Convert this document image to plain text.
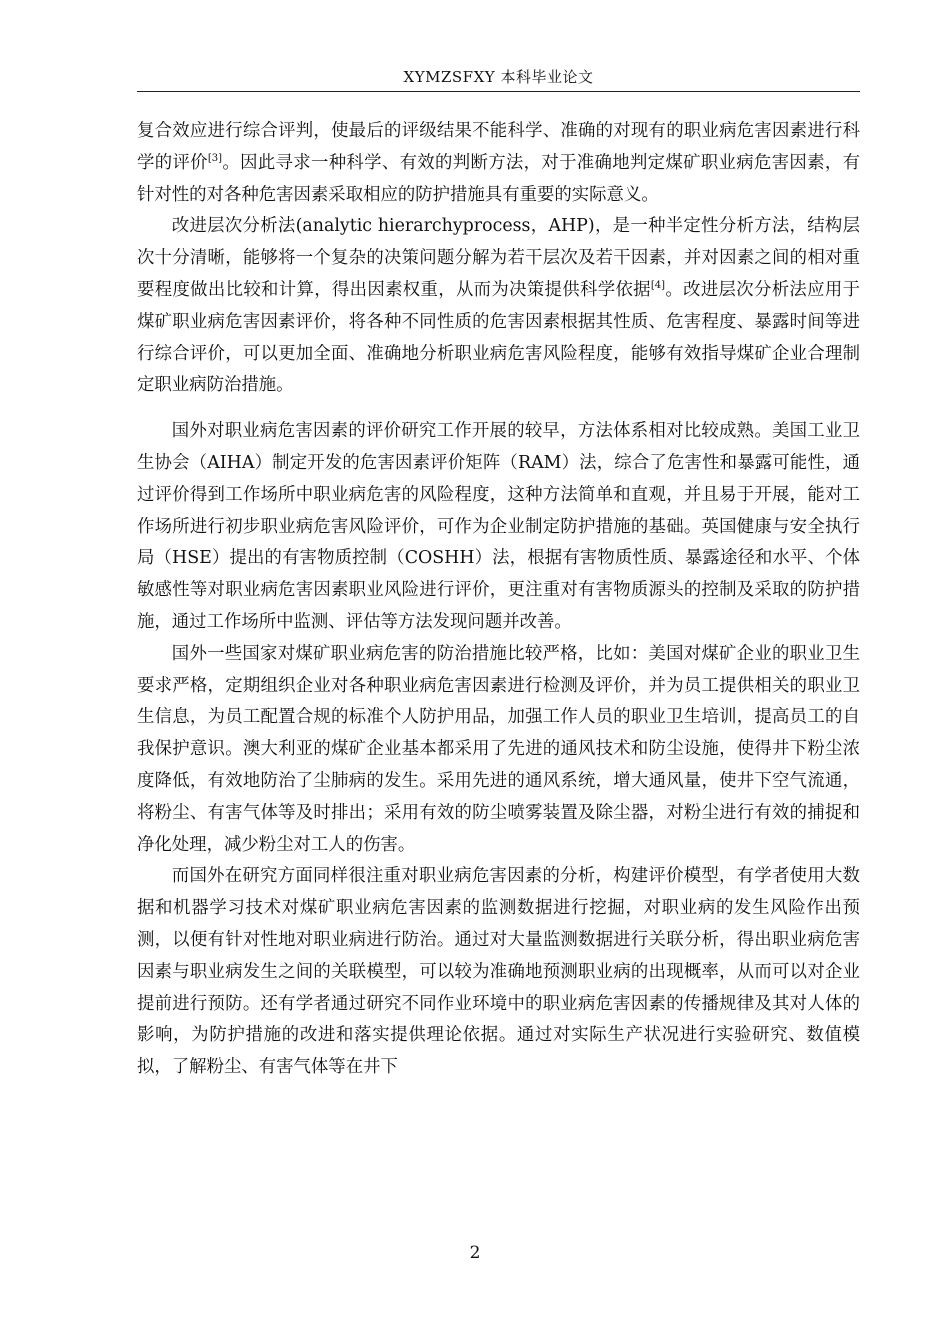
XYMZSFXY 本科毕业论文

复合效应进行综合评判，使最后的评级结果不能科学、准确的对现有的职业病危害因素进行科学的评价[3]。因此寻求一种科学、有效的判断方法，对于准确地判定煤矿职业病危害因素，有针对性的对各种危害因素采取相应的防护措施具有重要的实际意义。

改进层次分析法(analytic hierarchyprocess，AHP)，是一种半定性分析方法，结构层次十分清晰，能够将一个复杂的决策问题分解为若干层次及若干因素，并对因素之间的相对重要程度做出比较和计算，得出因素权重，从而为决策提供科学依据[4]。改进层次分析法应用于煤矿职业病危害因素评价，将各种不同性质的危害因素根据其性质、危害程度、暴露时间等进行综合评价，可以更加全面、准确地分析职业病危害风险程度，能够有效指导煤矿企业合理制定职业病防治措施。

国外对职业病危害因素的评价研究工作开展的较早，方法体系相对比较成熟。美国工业卫生协会（AIHA）制定开发的危害因素评价矩阵（RAM）法，综合了危害性和暴露可能性，通过评价得到工作场所中职业病危害的风险程度，这种方法简单和直观，并且易于开展，能对工作场所进行初步职业病危害风险评价，可作为企业制定防护措施的基础。英国健康与安全执行局（HSE）提出的有害物质控制（COSHH）法，根据有害物质性质、暴露途径和水平、个体敏感性等对职业病危害因素职业风险进行评价，更注重对有害物质源头的控制及采取的防护措施，通过工作场所中监测、评估等方法发现问题并改善。

国外一些国家对煤矿职业病危害的防治措施比较严格，比如：美国对煤矿企业的职业卫生要求严格，定期组织企业对各种职业病危害因素进行检测及评价，并为员工提供相关的职业卫生信息，为员工配置合规的标准个人防护用品，加强工作人员的职业卫生培训，提高员工的自我保护意识。澳大利亚的煤矿企业基本都采用了先进的通风技术和防尘设施，使得井下粉尘浓度降低，有效地防治了尘肺病的发生。采用先进的通风系统，增大通风量，使井下空气流通，将粉尘、有害气体等及时排出；采用有效的防尘喷雾装置及除尘器，对粉尘进行有效的捕捉和净化处理，减少粉尘对工人的伤害。

而国外在研究方面同样很注重对职业病危害因素的分析，构建评价模型，有学者使用大数据和机器学习技术对煤矿职业病危害因素的监测数据进行挖掘，对职业病的发生风险作出预测，以便有针对性地对职业病进行防治。通过对大量监测数据进行关联分析，得出职业病危害因素与职业病发生之间的关联模型，可以较为准确地预测职业病的出现概率，从而可以对企业提前进行预防。还有学者通过研究不同作业环境中的职业病危害因素的传播规律及其对人体的影响，为防护措施的改进和落实提供理论依据。通过对实际生产状况进行实验研究、数值模拟，了解粉尘、有害气体等在井下

2
